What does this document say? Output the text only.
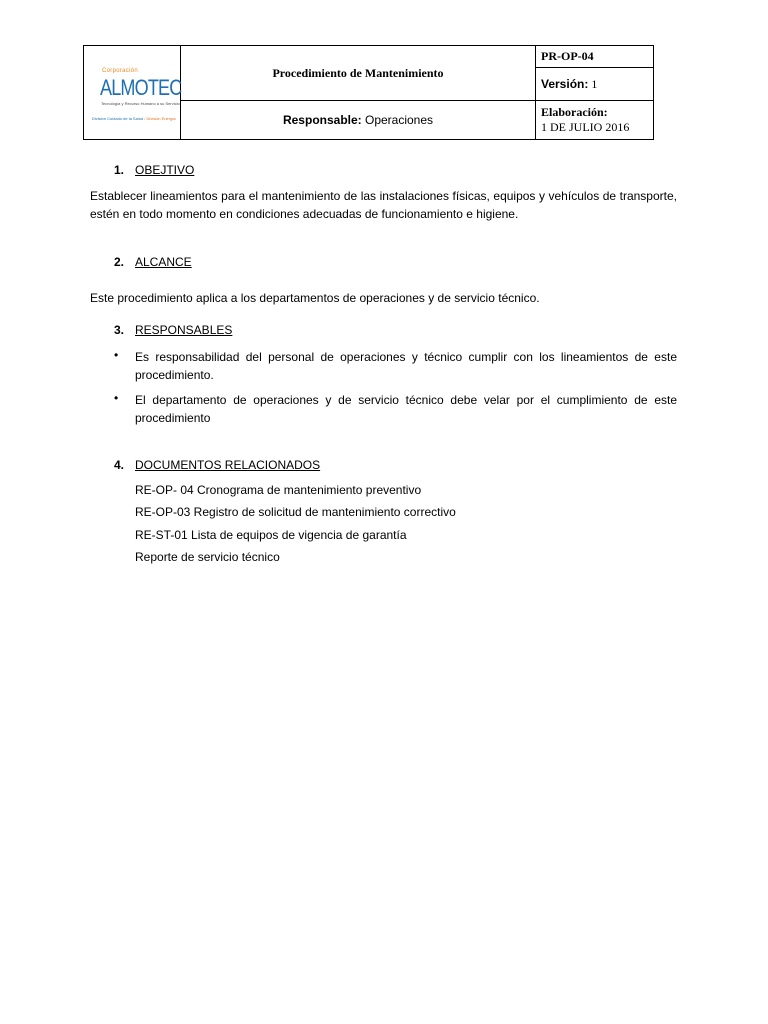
Corporación
ALMOTEC
Tecnología y Recurso Humano a su Servicio
División Cuidado de la Salud / División Energía	Procedimiento de Mantenimiento	PR-OP-04
		Versión: 1
	Responsable: Operaciones	Elaboración:
1 DE JULIO 2016
1. OBEJTIVO
Establecer lineamientos para el mantenimiento de las instalaciones físicas, equipos y vehículos de transporte, estén en todo momento en condiciones adecuadas de funcionamiento e higiene.
2. ALCANCE
Este procedimiento aplica a los departamentos de operaciones y de servicio técnico.
3. RESPONSABLES
• Es responsabilidad del personal de operaciones y técnico cumplir con los lineamientos de este procedimiento.
• El departamento de operaciones y de servicio técnico debe velar por el cumplimiento de este procedimiento
4. DOCUMENTOS RELACIONADOS
RE-OP- 04 Cronograma de mantenimiento preventivo
RE-OP-03 Registro de solicitud de mantenimiento correctivo
RE-ST-01 Lista de equipos de vigencia de garantía
Reporte de servicio técnico
